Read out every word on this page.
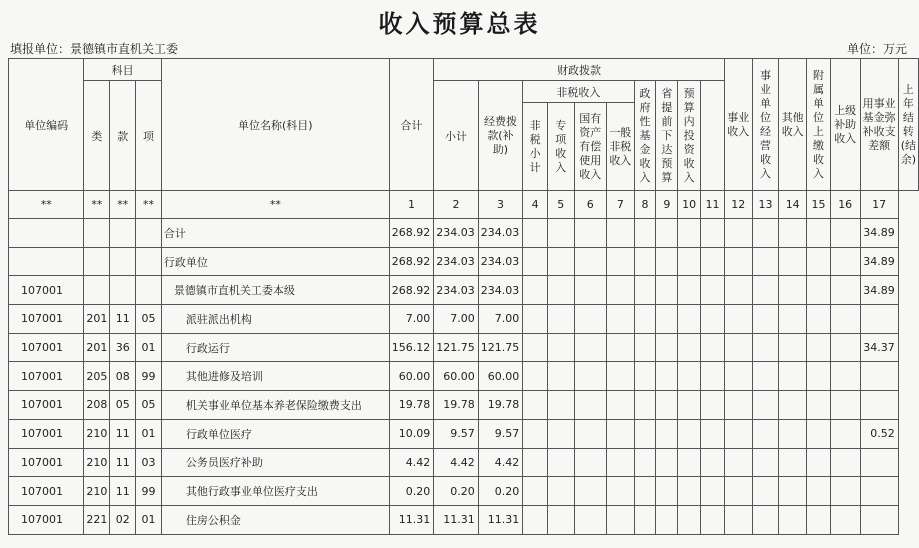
收入预算总表
填报单位：景德镇市直机关工委	单位：万元
单位编码	科目			单位名称(科目)	合计	财政拨款										事业收入	事业单位经营收入	其他收入	附属单位上缴收入	上级补助收入	用事业基金弥补收支差额	上年结转(结余)
	类	款	项			小计	经费拨款(补助)	非税收入				政府性基金收入	省提前下达预算	预算内投资收入								
								非税小计	专项收入	国有资产有偿使用收入	一般非税收入											
**	**	**	**	**	1	2	3	4	5	6	7	8	9	10	11	12	13	14	15	16	17	
				合计	268.92	234.03	234.03														34.89	
				行政单位	268.92	234.03	234.03														34.89	
107001				景德镇市直机关工委本级	268.92	234.03	234.03														34.89	
107001	201	11	05	派驻派出机构	7.00	7.00	7.00															
107001	201	36	01	行政运行	156.12	121.75	121.75														34.37	
107001	205	08	99	其他进修及培训	60.00	60.00	60.00															
107001	208	05	05	机关事业单位基本养老保险缴费支出	19.78	19.78	19.78															
107001	210	11	01	行政单位医疗	10.09	9.57	9.57														0.52	
107001	210	11	03	公务员医疗补助	4.42	4.42	4.42															
107001	210	11	99	其他行政事业单位医疗支出	0.20	0.20	0.20															
107001	221	02	01	住房公积金	11.31	11.31	11.31															
